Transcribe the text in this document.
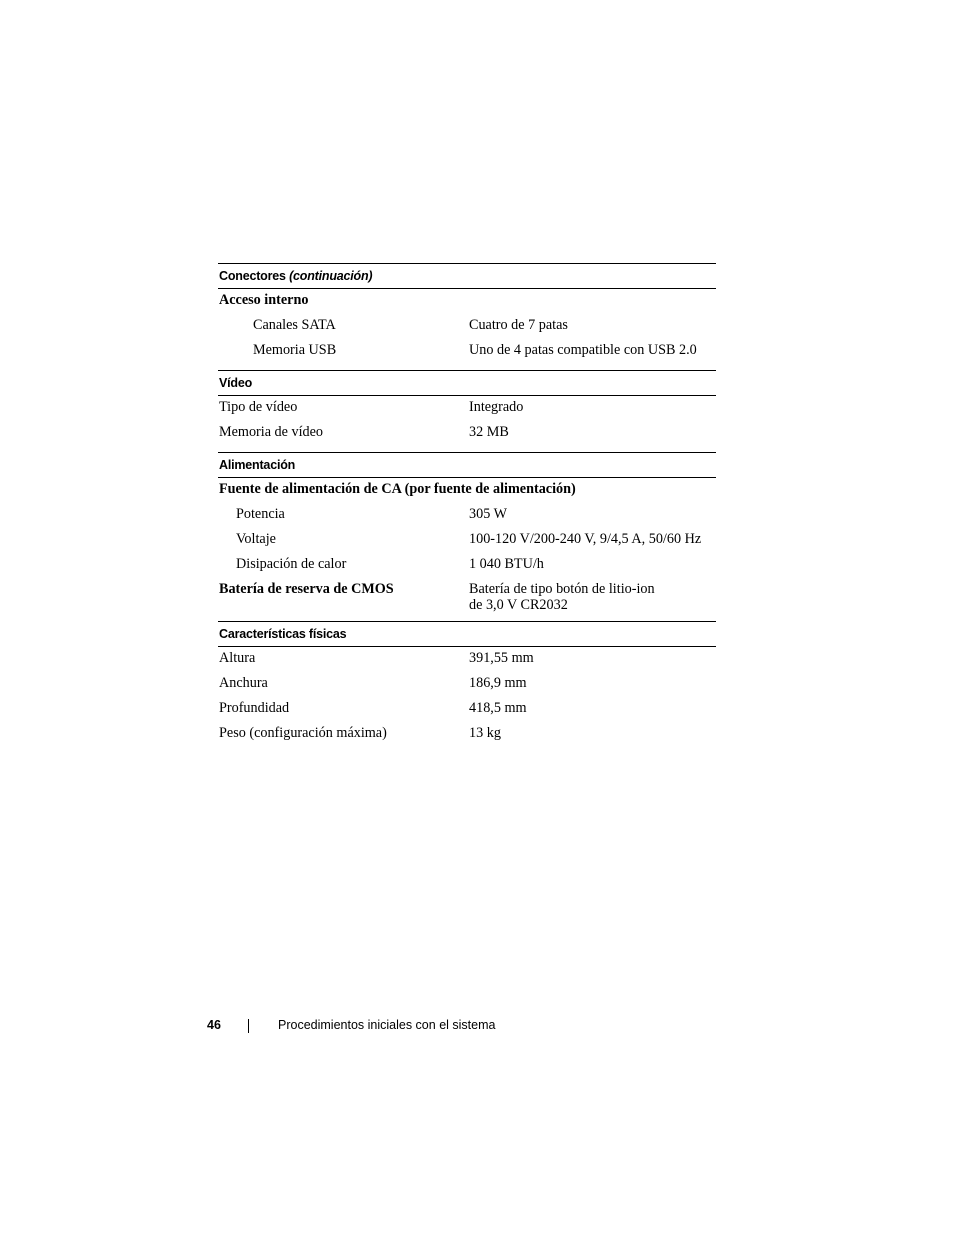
Conectores (continuación)
Acceso interno
Canales SATA	Cuatro de 7 patas
Memoria USB	Uno de 4 patas compatible con USB 2.0
Vídeo
Tipo de vídeo	Integrado
Memoria de vídeo	32 MB
Alimentación
Fuente de alimentación de CA (por fuente de alimentación)
Potencia	305 W
Voltaje	100-120 V/200-240 V, 9/4,5 A, 50/60 Hz
Disipación de calor	1 040 BTU/h
Batería de reserva de CMOS	Batería de tipo botón de litio-ion
de 3,0 V CR2032
Características físicas
Altura	391,55 mm
Anchura	186,9 mm
Profundidad	418,5 mm
Peso (configuración máxima)	13 kg
46	Procedimientos iniciales con el sistema
